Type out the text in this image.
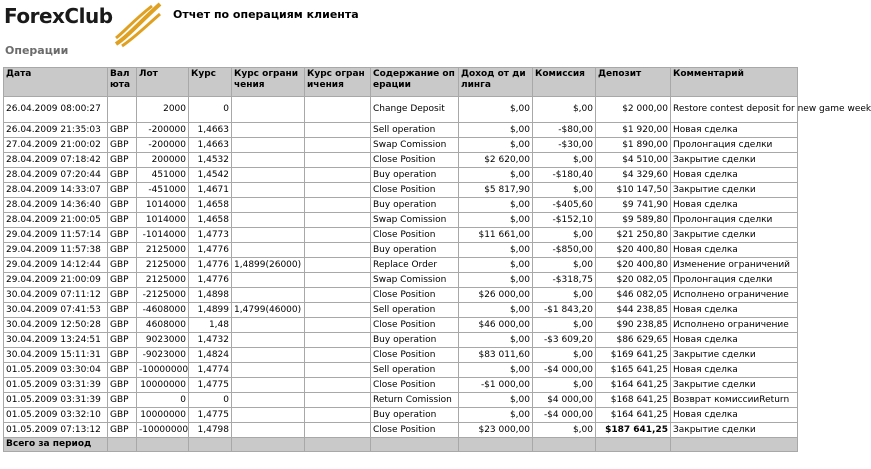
ForexClub	Отчет по операциям клиента
Операции
Дата	Валюта	Лот	Курс	Курс ограничения	Курс ограничения	Содержание операции	Доход от дилинга	Комиссия	Депозит	Комментарий
26.04.2009 08:00:27		2000	0			Change Deposit	$,00	$,00	$2 000,00	Restore contest deposit for new game week
26.04.2009 21:35:03	GBP	-200000	1,4663			Sell operation	$,00	-$80,00	$1 920,00	Новая сделка
27.04.2009 21:00:02	GBP	-200000	1,4663			Swap Comission	$,00	-$30,00	$1 890,00	Пролонгация сделки
28.04.2009 07:18:42	GBP	200000	1,4532			Close Position	$2 620,00	$,00	$4 510,00	Закрытие сделки
28.04.2009 07:20:44	GBP	451000	1,4542			Buy operation	$,00	-$180,40	$4 329,60	Новая сделка
28.04.2009 14:33:07	GBP	-451000	1,4671			Close Position	$5 817,90	$,00	$10 147,50	Закрытие сделки
28.04.2009 14:36:40	GBP	1014000	1,4658			Buy operation	$,00	-$405,60	$9 741,90	Новая сделка
28.04.2009 21:00:05	GBP	1014000	1,4658			Swap Comission	$,00	-$152,10	$9 589,80	Пролонгация сделки
29.04.2009 11:57:14	GBP	-1014000	1,4773			Close Position	$11 661,00	$,00	$21 250,80	Закрытие сделки
29.04.2009 11:57:38	GBP	2125000	1,4776			Buy operation	$,00	-$850,00	$20 400,80	Новая сделка
29.04.2009 14:12:44	GBP	2125000	1,4776	1,4899(26000)		Replace Order	$,00	$,00	$20 400,80	Изменение ограничений
29.04.2009 21:00:09	GBP	2125000	1,4776			Swap Comission	$,00	-$318,75	$20 082,05	Пролонгация сделки
30.04.2009 07:11:12	GBP	-2125000	1,4898			Close Position	$26 000,00	$,00	$46 082,05	Исполнено ограничение
30.04.2009 07:41:53	GBP	-4608000	1,4899	1,4799(46000)		Sell operation	$,00	-$1 843,20	$44 238,85	Новая сделка
30.04.2009 12:50:28	GBP	4608000	1,48			Close Position	$46 000,00	$,00	$90 238,85	Исполнено ограничение
30.04.2009 13:24:51	GBP	9023000	1,4732			Buy operation	$,00	-$3 609,20	$86 629,65	Новая сделка
30.04.2009 15:11:31	GBP	-9023000	1,4824			Close Position	$83 011,60	$,00	$169 641,25	Закрытие сделки
01.05.2009 03:30:04	GBP	-10000000	1,4774			Sell operation	$,00	-$4 000,00	$165 641,25	Новая сделка
01.05.2009 03:31:39	GBP	10000000	1,4775			Close Position	-$1 000,00	$,00	$164 641,25	Закрытие сделки
01.05.2009 03:31:39	GBP	0	0			Return Comission	$,00	$4 000,00	$168 641,25	Возврат комиссииReturn
01.05.2009 03:32:10	GBP	10000000	1,4775			Buy operation	$,00	-$4 000,00	$164 641,25	Новая сделка
01.05.2009 07:13:12	GBP	-10000000	1,4798			Close Position	$23 000,00	$,00	$187 641,25	Закрытие сделки
Всего за период										
